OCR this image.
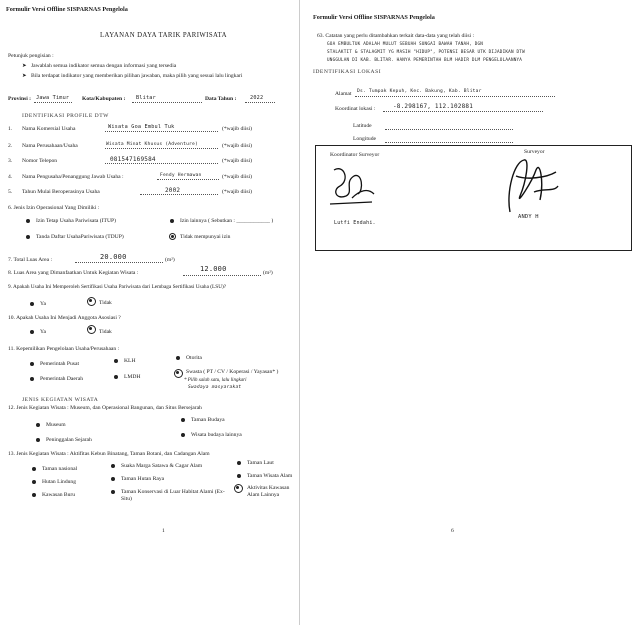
Formulir Versi Offline SISPARNAS Pengelola
LAYANAN DAYA TARIK PARIWISATA
Petunjuk pengisian :
➤ Jawablah semua indikator semua dengan informasi yang tersedia
➤ Bila terdapat indikator yang memberikan pilihan jawaban, maka pilih yang sesuai lalu lingkari
Provinsi : Jawa Timur Kota/Kabupaten : Blitar	Data Tahun :	2022
IDENTIFIKASI PROFILE DTW
1. Nama Komersial Usaha	Wisata Goa Embul Tuk	(*wajib diisi)
2. Nama Perusahaan/Usaha	Wisata Minat Khusus (Adventure)	(*wajib diisi)
3. Nomor Telepon	081547169584	(*wajib diisi)
4. Nama Pengusaha/Penanggung Jawab Usaha :	Fendy Hermawan	(*wajib diisi)
5. Tahun Mulai Beroperasinya Usaha	2002	(*wajib diisi)
6. Jenis Izin Operasional Yang Dimiliki :
Izin Tetap Usaha Pariwisata (ITUP)	Izin lainnya ( Sebutkan : ____________ )
Tanda Daftar UsahaPariwisata (TDUP)	Tidak mempunyai izin
7. Total Luas Area :	20.000	(m²)
8. Luas Area yang Dimanfaatkan Untuk Kegiatan Wisata :	12.000	(m²)
9. Apakah Usaha Ini Memperoleh Sertifikasi Usaha Pariwisata dari Lembaga Sertifikasi Usaha (LSU)?
Ya	Tidak
10. Apakah Usaha Ini Menjadi Anggota Asosiasi ?
Ya	Tidak
11. Kepemilikan Pengelolaan Usaha/Perusahaan :
Pemerintah Pusat	KLH	Otorita
Pemerintah Daerah	LMDH
Swasta ( PT / CV / Koperasi / Yayasan* )
* Pilih salah satu, lalu lingkari
Swadaya masyarakat
JENIS KEGIATAN WISATA
12. Jenis Kegiatan Wisata : Museum, dan Operasional Bangunan, dan Situs Bersejarah
Museum
Taman Budaya
Peninggalan Sejarah
Wisata budaya lainnya
13. Jenis Kegiatan Wisata : Aktifitas Kebun Binatang, Taman Botani, dan Cadangan Alam
Taman nasional	Suaka Marga Satawa & Cagar Alam	Taman Laut
Hutan Lindung	Taman Hutan Raya	Taman Wisata Alam
Kawasan Buru	Taman Konservasi di Luar Habitat Alami (Ex-Situ)
Aktivitas Kawasan Alam Lainnya
1
Formulir Versi Offline SISPARNAS Pengelola
63. Catatan yang perlu ditambahkan terkait data-data yang telah diisi :
GOA EMBULTUK ADALAH MULUT SEBUAH SUNGAI BAWAH TANAH, DGN
STALAKTIT & STALAGMIT YG MASIH "HIDUP", POTENSI BESAR UTK DIJADIKAN DTW
UNGGULAN DI KAB. BLITAR. HANYA PEMERINTAH BLM HADIR DLM PENGELOLAANNYA
IDENTIFIKASI LOKASI
Alamat Ds. Tumpak Kepuh, Kec. Bakung, Kab. Blitar
Koordinat lokasi :	-8.298167, 112.102881
Latitude
Longitude
Koordinator Surveyor	Surveyor
Lutfi Endahi.
ANDY H
6
